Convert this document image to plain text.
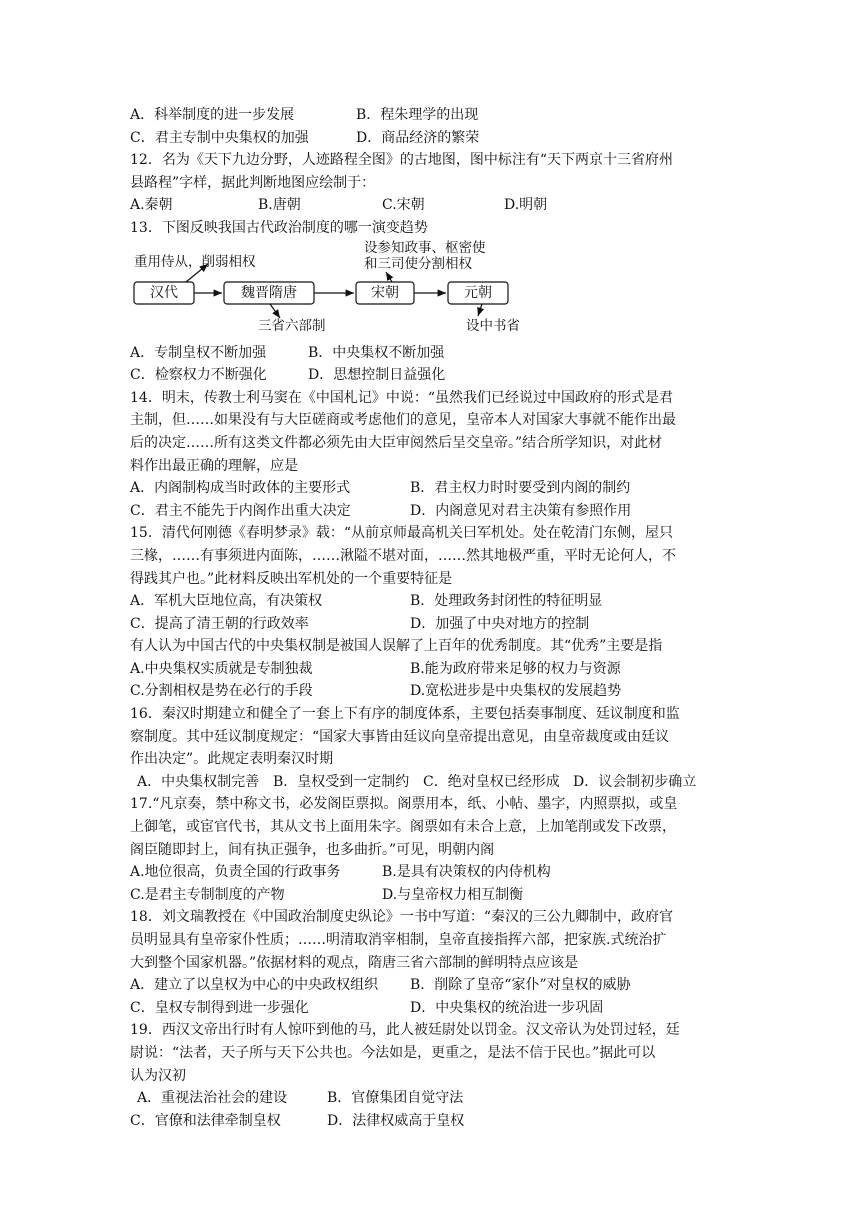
A．科举制度的进一步发展	B．程朱理学的出现
C．君主专制中央集权的加强	D．商品经济的繁荣
12．名为《天下九边分野，人迹路程全图》的古地图，图中标注有“天下两京十三省府州
县路程”字样，据此判断地图应绘制于：
A.秦朝	B.唐朝	C.宋朝	D.明朝
13．下图反映我国古代政治制度的哪一演变趋势
汉代	魏晋隋唐	宋朝	元朝
重用侍从，削弱相权
设参知政事、枢密使
和三司使分割相权
三省六部制	设中书省
A．专制皇权不断加强	B．中央集权不断加强
C．检察权力不断强化	D．思想控制日益强化
14．明末，传教士利马窦在《中国札记》中说：“虽然我们已经说过中国政府的形式是君
主制，但……如果没有与大臣磋商或考虑他们的意见，皇帝本人对国家大事就不能作出最
后的决定……所有这类文件都必须先由大臣审阅然后呈交皇帝。”结合所学知识，对此材
料作出最正确的理解，应是
A．内阁制构成当时政体的主要形式	B．君主权力时时要受到内阁的制约
C．君主不能先于内阁作出重大决定	D．内阁意见对君主决策有参照作用
15．清代何刚德《春明梦录》载：“从前京师最高机关曰军机处。处在乾清门东侧，屋只
三椽，……有事须进内面陈，……湫隘不堪对面，……然其地极严重，平时无论何人，不
得践其户也。”此材料反映出军机处的一个重要特征是
A．军机大臣地位高，有决策权	B．处理政务封闭性的特征明显
C．提高了清王朝的行政效率	D．加强了中央对地方的控制
有人认为中国古代的中央集权制是被国人误解了上百年的优秀制度。其“优秀”主要是指
A.中央集权实质就是专制独裁	B.能为政府带来足够的权力与资源
C.分割相权是势在必行的手段	D.宽松进步是中央集权的发展趋势
16．秦汉时期建立和健全了一套上下有序的制度体系，主要包括奏事制度、廷议制度和监
察制度。其中廷议制度规定：“国家大事皆由廷议向皇帝提出意见，由皇帝裁度或由廷议
作出决定”。此规定表明秦汉时期
A．中央集权制完善 B．皇权受到一定制约 C．绝对皇权已经形成 D．议会制初步确立
17.“凡京奏，禁中称文书，必发阁臣票拟。阁票用本，纸、小帖、墨字，内照票拟，或皇
上御笔，或宦官代书，其从文书上面用朱字。阁票如有未合上意，上加笔削或发下改票，
阁臣随即封上，间有执正强争，也多曲折。”可见，明朝内阁
A.地位很高，负责全国的行政事务	B.是具有决策权的内侍机构
C.是君主专制制度的产物	D.与皇帝权力相互制衡
18．刘文瑞教授在《中国政治制度史纵论》一书中写道：“秦汉的三公九卿制中，政府官
员明显具有皇帝家仆性质；……明清取消宰相制，皇帝直接指挥六部，把家族.式统治扩
大到整个国家机器。”依据材料的观点，隋唐三省六部制的鲜明特点应该是
A．建立了以皇权为中心的中央政权组织 B．削除了皇帝“家仆”对皇权的威胁
C．皇权专制得到进一步强化	D．中央集权的统治进一步巩固
19．西汉文帝出行时有人惊吓到他的马，此人被廷尉处以罚金。汉文帝认为处罚过轻，廷
尉说：“法者，天子所与天下公共也。今法如是，更重之，是法不信于民也。”据此可以
认为汉初
A．重视法治社会的建设	B．官僚集团自觉守法
C．官僚和法律牵制皇权	D．法律权威高于皇权
